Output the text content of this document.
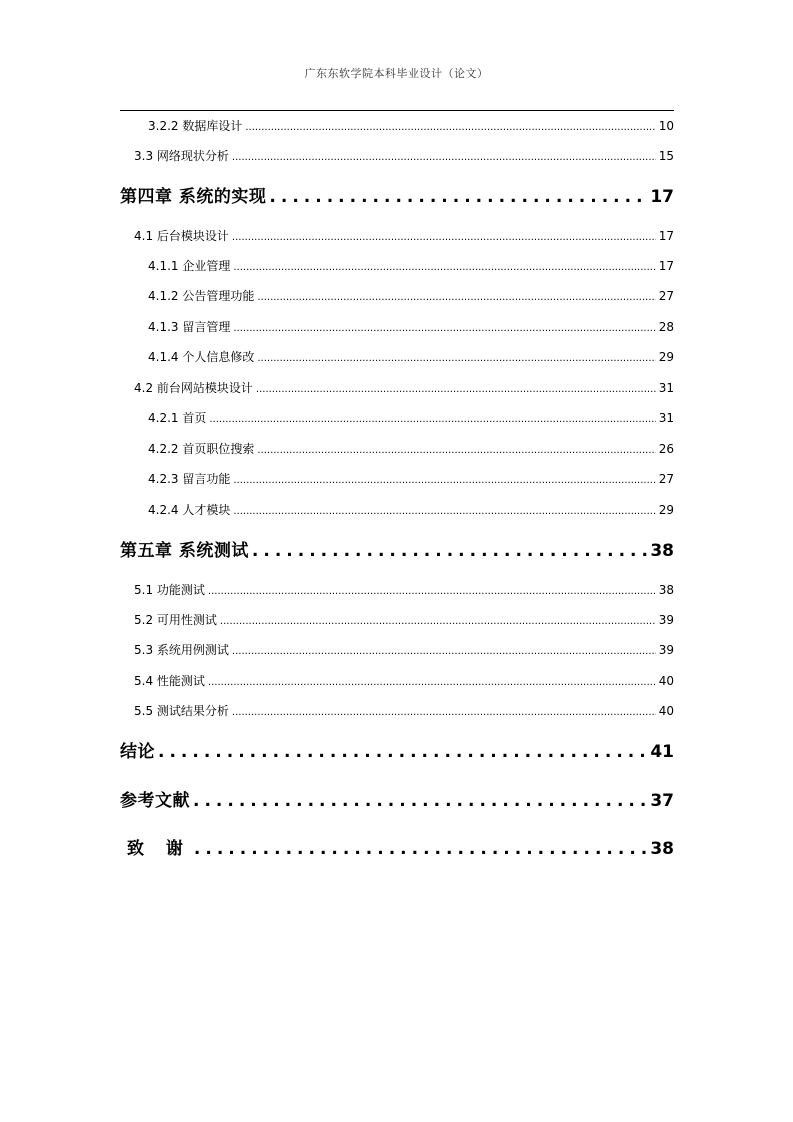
广东东软学院本科毕业设计（论文）
3.2.2 数据库设计 .....	10
3.3 网络现状分析 .....	15
第四章 系统的实现 .....	17
4.1 后台模块设计 .....	17
4.1.1 企业管理 .....	17
4.1.2 公告管理功能 .....	27
4.1.3 留言管理 .....	28
4.1.4 个人信息修改 .....	29
4.2 前台网站模块设计 .....	31
4.2.1 首页 .....	31
4.2.2 首页职位搜索 .....	26
4.2.3 留言功能 .....	27
4.2.4 人才模块 .....	29
第五章 系统测试 .....	38
5.1 功能测试 .....	38
5.2 可用性测试 .....	39
5.3 系统用例测试 .....	39
5.4 性能测试 .....	40
5.5 测试结果分析 .....	40
结论 .....	41
参考文献 .....	37
致 谢 .....	38
